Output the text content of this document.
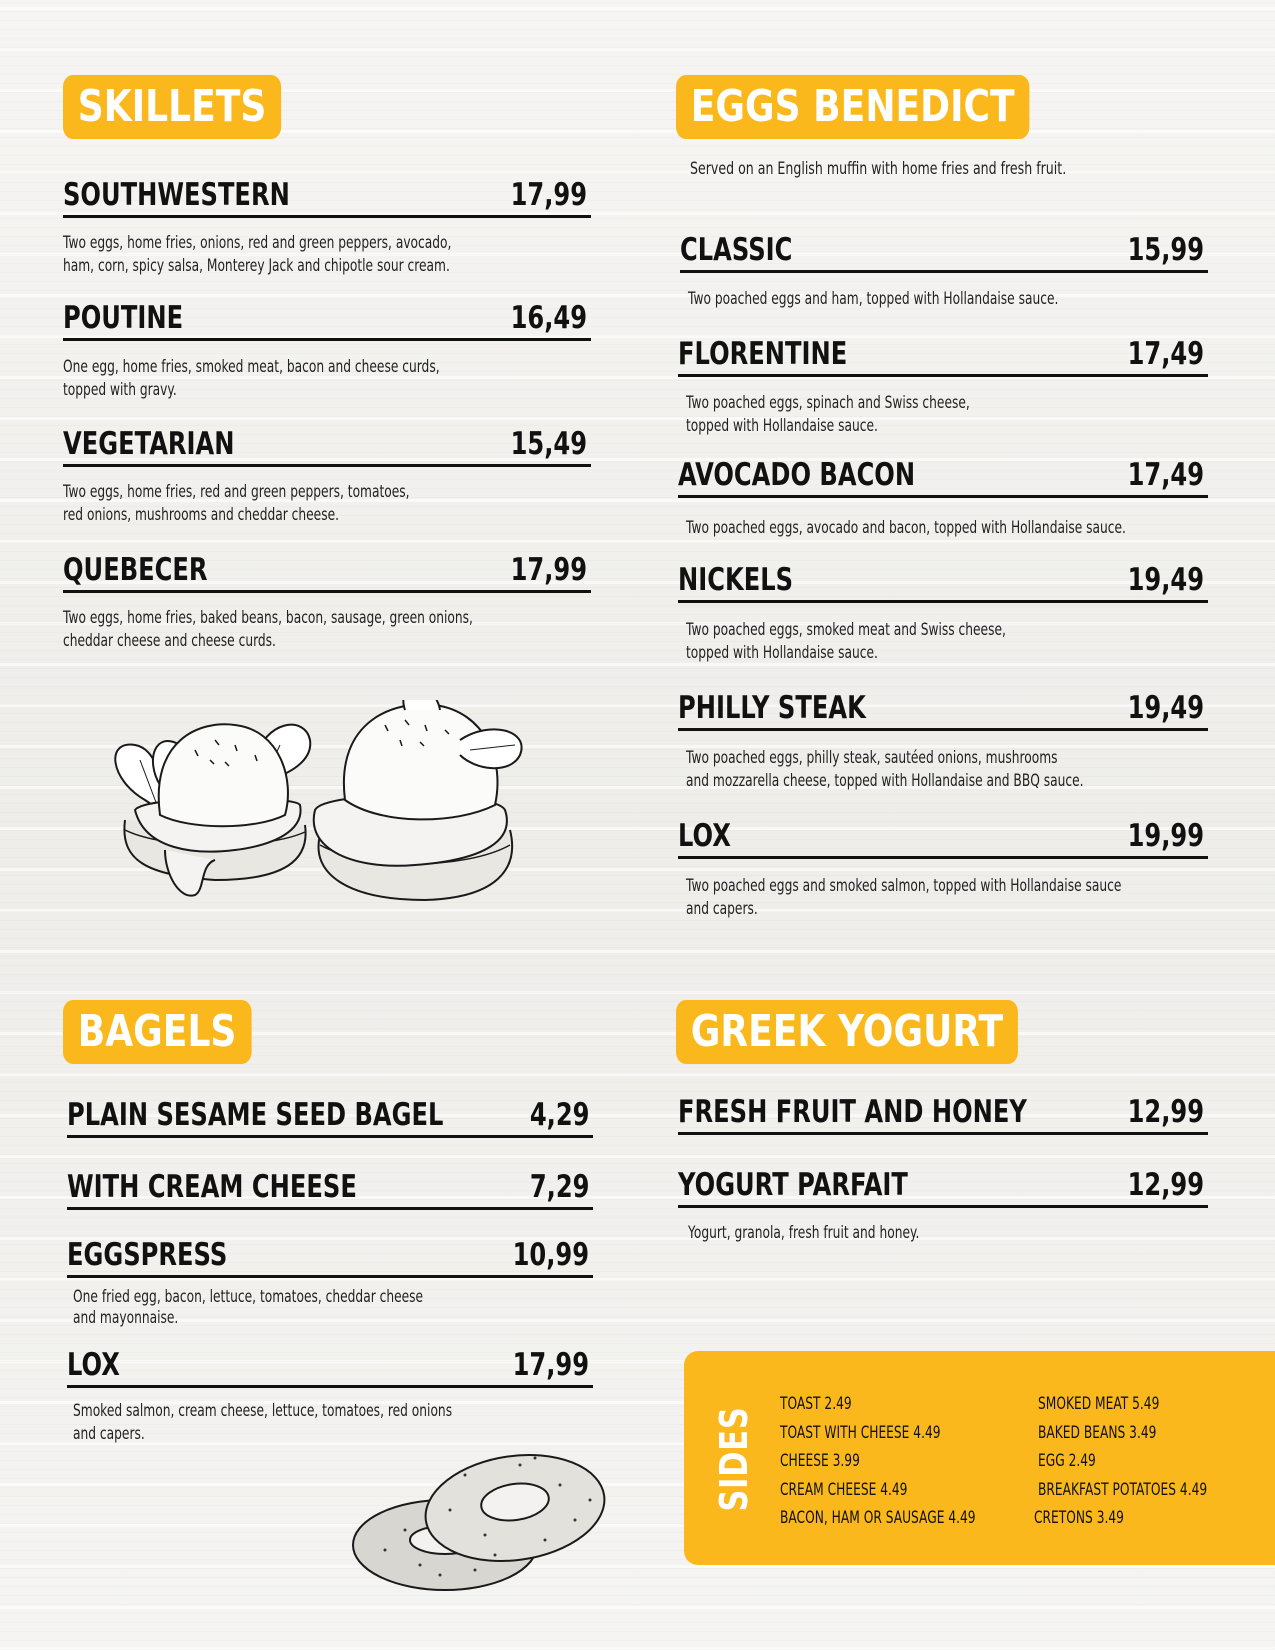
SKILLETS
SOUTHWESTERN	17,99
Two eggs, home fries, onions, red and green peppers, avocado,
ham, corn, spicy salsa, Monterey Jack and chipotle sour cream.
POUTINE	16,49
One egg, home fries, smoked meat, bacon and cheese curds,
topped with gravy.
VEGETARIAN	15,49
Two eggs, home fries, red and green peppers, tomatoes,
red onions, mushrooms and cheddar cheese.
QUEBECER	17,99
Two eggs, home fries, baked beans, bacon, sausage, green onions,
cheddar cheese and cheese curds.
EGGS BENEDICT
Served on an English muffin with home fries and fresh fruit.
CLASSIC	15,99
Two poached eggs and ham, topped with Hollandaise sauce.
FLORENTINE	17,49
Two poached eggs, spinach and Swiss cheese,
topped with Hollandaise sauce.
AVOCADO BACON	17,49
Two poached eggs, avocado and bacon, topped with Hollandaise sauce.
NICKELS	19,49
Two poached eggs, smoked meat and Swiss cheese,
topped with Hollandaise sauce.
PHILLY STEAK	19,49
Two poached eggs, philly steak, sautéed onions, mushrooms
and mozzarella cheese, topped with Hollandaise and BBQ sauce.
LOX	19,99
Two poached eggs and smoked salmon, topped with Hollandaise sauce
and capers.
BAGELS
PLAIN SESAME SEED BAGEL	4,29
WITH CREAM CHEESE	7,29
EGGSPRESS	10,99
One fried egg, bacon, lettuce, tomatoes, cheddar cheese
and mayonnaise.
LOX	17,99
Smoked salmon, cream cheese, lettuce, tomatoes, red onions
and capers.
GREEK YOGURT
FRESH FRUIT AND HONEY	12,99
YOGURT PARFAIT	12,99
Yogurt, granola, fresh fruit and honey.
SIDES
TOAST 2.49
TOAST WITH CHEESE 4.49
CHEESE 3.99
CREAM CHEESE 4.49
BACON, HAM OR SAUSAGE 4.49
SMOKED MEAT 5.49
BAKED BEANS 3.49
EGG 2.49
BREAKFAST POTATOES 4.49
CRETONS 3.49
